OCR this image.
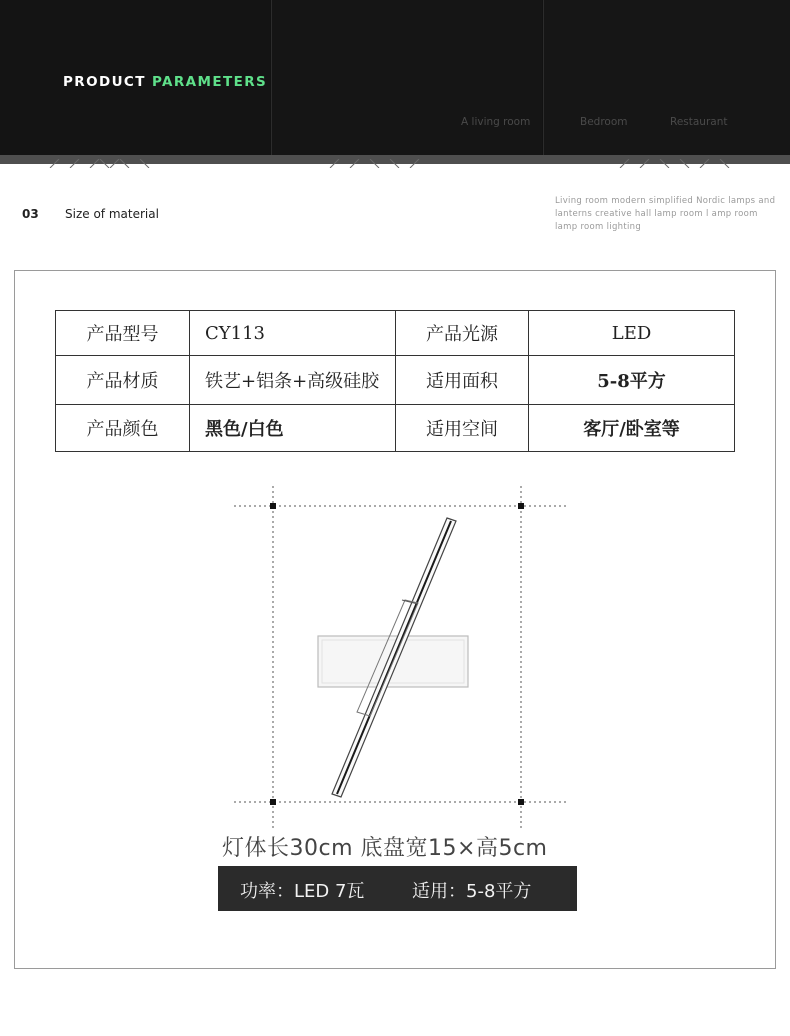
PRODUCT PARAMETERS
A living room	Bedroom	Restaurant
03 Size of material
Living room modern simplified Nordic lamps and lanterns creative hall lamp room l amp room lamp room lighting
产品型号	CY113	产品光源	LED
产品材质	铁艺+铝条+高级硅胶	适用面积	5-8平方
产品颜色	黑色/白色	适用空间	客厅/卧室等
灯体长30cm 底盘宽15×高5cm
功率：LED 7瓦	适用：5-8平方
